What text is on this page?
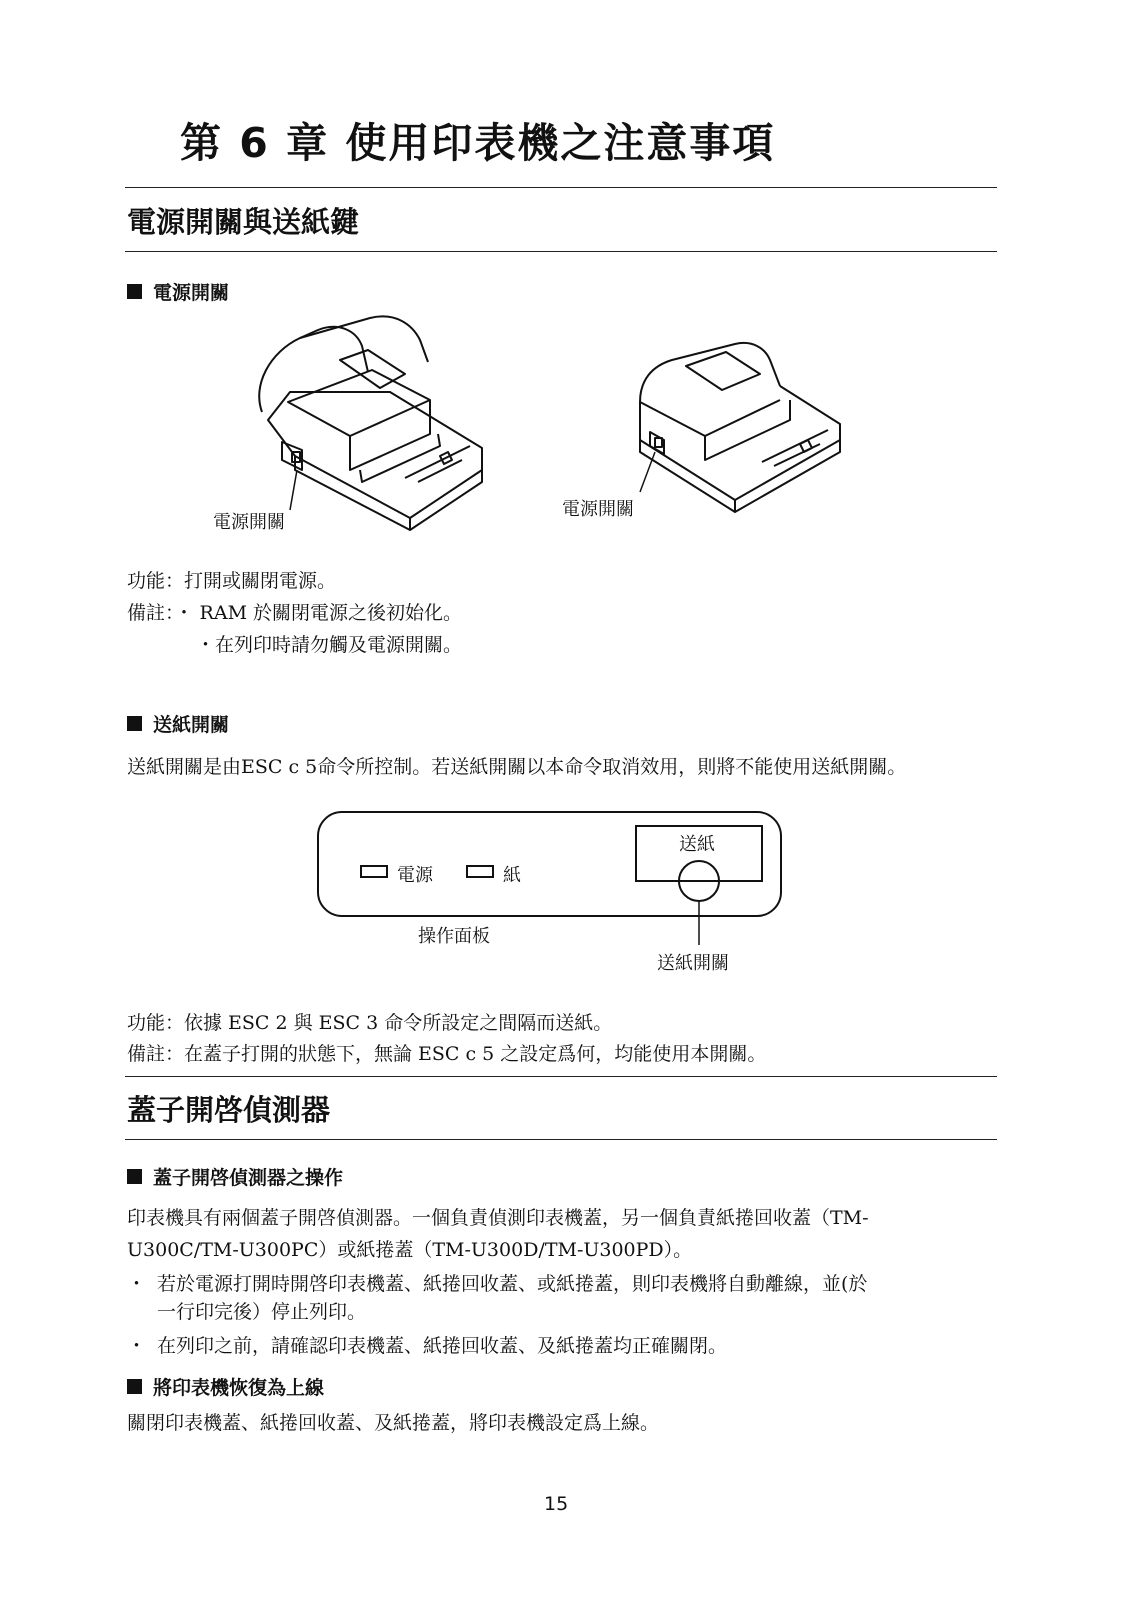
第 6 章 使用印表機之注意事項
電源開關與送紙鍵
電源開關
電源開關
電源開關
功能：打開或關閉電源。
備註：・ RAM 於關閉電源之後初始化。
・在列印時請勿觸及電源開關。
送紙開關
送紙開關是由ESC c 5命令所控制。若送紙開關以本命令取消效用，則將不能使用送紙開關。
送紙
電源	紙
操作面板
送紙開關
功能：依據 ESC 2 與 ESC 3 命令所設定之間隔而送紙。
備註：在蓋子打開的狀態下，無論 ESC c 5 之設定爲何，均能使用本開關。
蓋子開啓偵測器
蓋子開啓偵測器之操作
印表機具有兩個蓋子開啓偵測器。一個負責偵測印表機蓋，另一個負責紙捲回收蓋（TM-
U300C/TM-U300PC）或紙捲蓋（TM-U300D/TM-U300PD）。
・ 若於電源打開時開啓印表機蓋、紙捲回收蓋、或紙捲蓋，則印表機將自動離線，並(於
一行印完後）停止列印。
・ 在列印之前，請確認印表機蓋、紙捲回收蓋、及紙捲蓋均正確關閉。
將印表機恢復為上線
關閉印表機蓋、紙捲回收蓋、及紙捲蓋，將印表機設定爲上線。
15
